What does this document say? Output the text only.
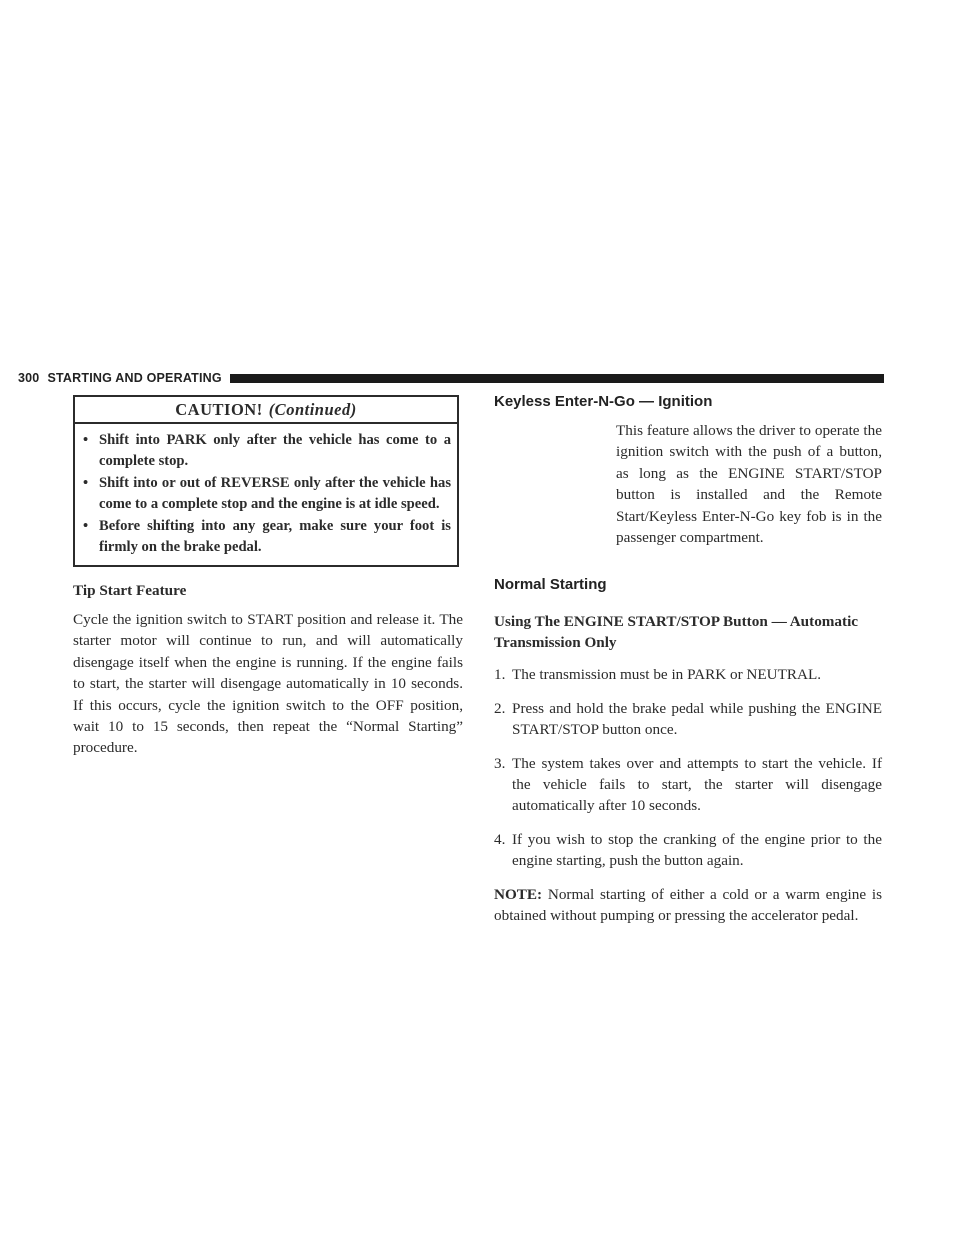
300 STARTING AND OPERATING
CAUTION! (Continued)
• Shift into PARK only after the vehicle has come to a complete stop.
• Shift into or out of REVERSE only after the vehicle has come to a complete stop and the engine is at idle speed.
• Before shifting into any gear, make sure your foot is firmly on the brake pedal.
Tip Start Feature

Cycle the ignition switch to START position and release it. The starter motor will continue to run, and will automatically disengage itself when the engine is running. If the engine fails to start, the starter will disengage automatically in 10 seconds. If this occurs, cycle the ignition switch to the OFF position, wait 10 to 15 seconds, then repeat the “Normal Starting” procedure.

Keyless Enter-N-Go — Ignition

This feature allows the driver to operate the ignition switch with the push of a button, as long as the ENGINE START/STOP button is installed and the Remote Start/Keyless Enter-N-Go key fob is in the passenger compartment.

Normal Starting
Using The ENGINE START/STOP Button — Automatic Transmission Only
1. The transmission must be in PARK or NEUTRAL.
2. Press and hold the brake pedal while pushing the ENGINE START/STOP button once.
3. The system takes over and attempts to start the vehicle. If the vehicle fails to start, the starter will disengage automatically after 10 seconds.
4. If you wish to stop the cranking of the engine prior to the engine starting, push the button again.

NOTE: Normal starting of either a cold or a warm engine is obtained without pumping or pressing the accelerator pedal.
